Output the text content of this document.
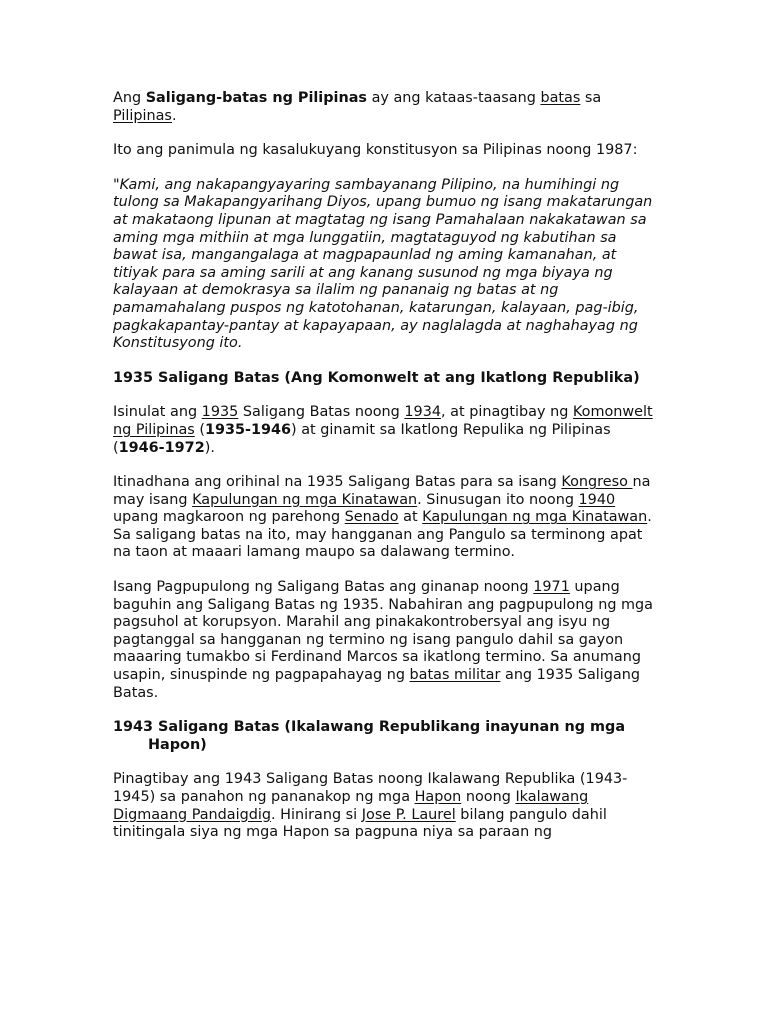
Ang Saligang-batas ng Pilipinas ay ang kataas-taasang batas sa Pilipinas.

Ito ang panimula ng kasalukuyang konstitusyon sa Pilipinas noong 1987:

"Kami, ang nakapangyayaring sambayanang Pilipino, na humihingi ng tulong sa Makapangyarihang Diyos, upang bumuo ng isang makatarungan at makataong lipunan at magtatag ng isang Pamahalaan nakakatawan sa aming mga mithiin at mga lunggatiin, magtataguyod ng kabutihan sa bawat isa, mangangalaga at magpapaunlad ng aming kamanahan, at titiyak para sa aming sarili at ang kanang susunod ng mga biyaya ng kalayaan at demokrasya sa ilalim ng pananaig ng batas at ng pamamahalang puspos ng katotohanan, katarungan, kalayaan, pag-ibig, pagkakapantay-pantay at kapayapaan, ay naglalagda at naghahayag ng Konstitusyong ito.

1935 Saligang Batas (Ang Komonwelt at ang Ikatlong Republika)

Isinulat ang 1935 Saligang Batas noong 1934, at pinagtibay ng Komonwelt ng Pilipinas (1935-1946) at ginamit sa Ikatlong Repulika ng Pilipinas (1946-1972).

Itinadhana ang orihinal na 1935 Saligang Batas para sa isang Kongreso na may isang Kapulungan ng mga Kinatawan. Sinusugan ito noong 1940 upang magkaroon ng parehong Senado at Kapulungan ng mga Kinatawan. Sa saligang batas na ito, may hangganan ang Pangulo sa terminong apat na taon at maaari lamang maupo sa dalawang termino.

Isang Pagpupulong ng Saligang Batas ang ginanap noong 1971 upang baguhin ang Saligang Batas ng 1935. Nabahiran ang pagpupulong ng mga pagsuhol at korupsyon. Marahil ang pinakakontrobersyal ang isyu ng pagtanggal sa hangganan ng termino ng isang pangulo dahil sa gayon maaaring tumakbo si Ferdinand Marcos sa ikatlong termino. Sa anumang usapin, sinuspinde ng pagpapahayag ng batas militar ang 1935 Saligang Batas.

1943 Saligang Batas (Ikalawang Republikang inayunan ng mga Hapon)

Pinagtibay ang 1943 Saligang Batas noong Ikalawang Republika (1943-1945) sa panahon ng pananakop ng mga Hapon noong Ikalawang Digmaang Pandaigdig. Hinirang si Jose P. Laurel bilang pangulo dahil tinitingala siya ng mga Hapon sa pagpuna niya sa paraan ng
